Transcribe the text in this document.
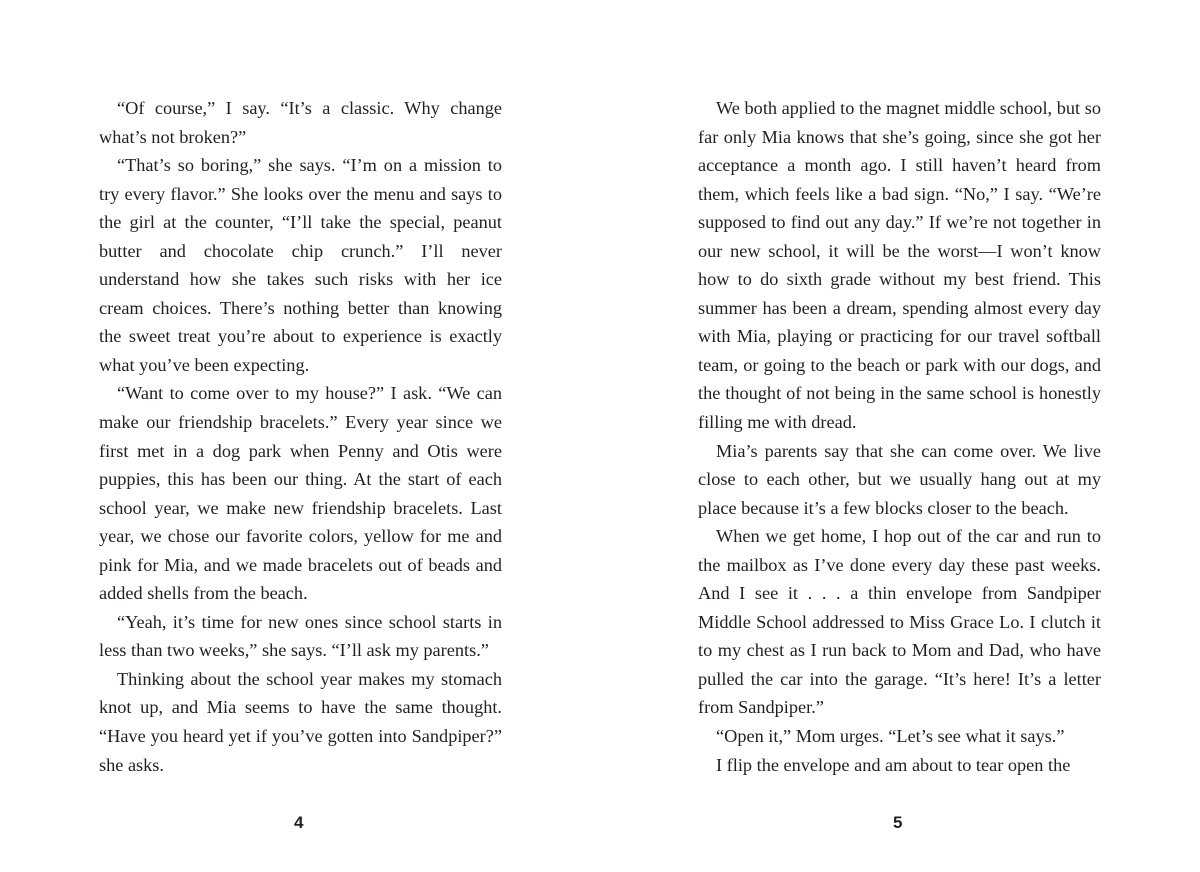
“Of course,” I say. “It’s a classic. Why change what’s not broken?”

“That’s so boring,” she says. “I’m on a mission to try every flavor.” She looks over the menu and says to the girl at the counter, “I’ll take the special, peanut butter and chocolate chip crunch.” I’ll never understand how she takes such risks with her ice cream choices. There’s nothing better than knowing the sweet treat you’re about to experience is exactly what you’ve been expecting.

“Want to come over to my house?” I ask. “We can make our friendship bracelets.” Every year since we first met in a dog park when Penny and Otis were puppies, this has been our thing. At the start of each school year, we make new friendship bracelets. Last year, we chose our favorite colors, yellow for me and pink for Mia, and we made bracelets out of beads and added shells from the beach.

“Yeah, it’s time for new ones since school starts in less than two weeks,” she says. “I’ll ask my parents.”

Thinking about the school year makes my stomach knot up, and Mia seems to have the same thought. “Have you heard yet if you’ve gotten into Sandpiper?” she asks.

4

We both applied to the magnet middle school, but so far only Mia knows that she’s going, since she got her acceptance a month ago. I still haven’t heard from them, which feels like a bad sign. “No,” I say. “We’re supposed to find out any day.” If we’re not together in our new school, it will be the worst—I won’t know how to do sixth grade without my best friend. This summer has been a dream, spending almost every day with Mia, playing or practicing for our travel softball team, or going to the beach or park with our dogs, and the thought of not being in the same school is honestly filling me with dread.

Mia’s parents say that she can come over. We live close to each other, but we usually hang out at my place because it’s a few blocks closer to the beach.

When we get home, I hop out of the car and run to the mailbox as I’ve done every day these past weeks. And I see it . . . a thin envelope from Sandpiper Middle School addressed to Miss Grace Lo. I clutch it to my chest as I run back to Mom and Dad, who have pulled the car into the garage. “It’s here! It’s a letter from Sandpiper.”

“Open it,” Mom urges. “Let’s see what it says.”

I flip the envelope and am about to tear open the

5
